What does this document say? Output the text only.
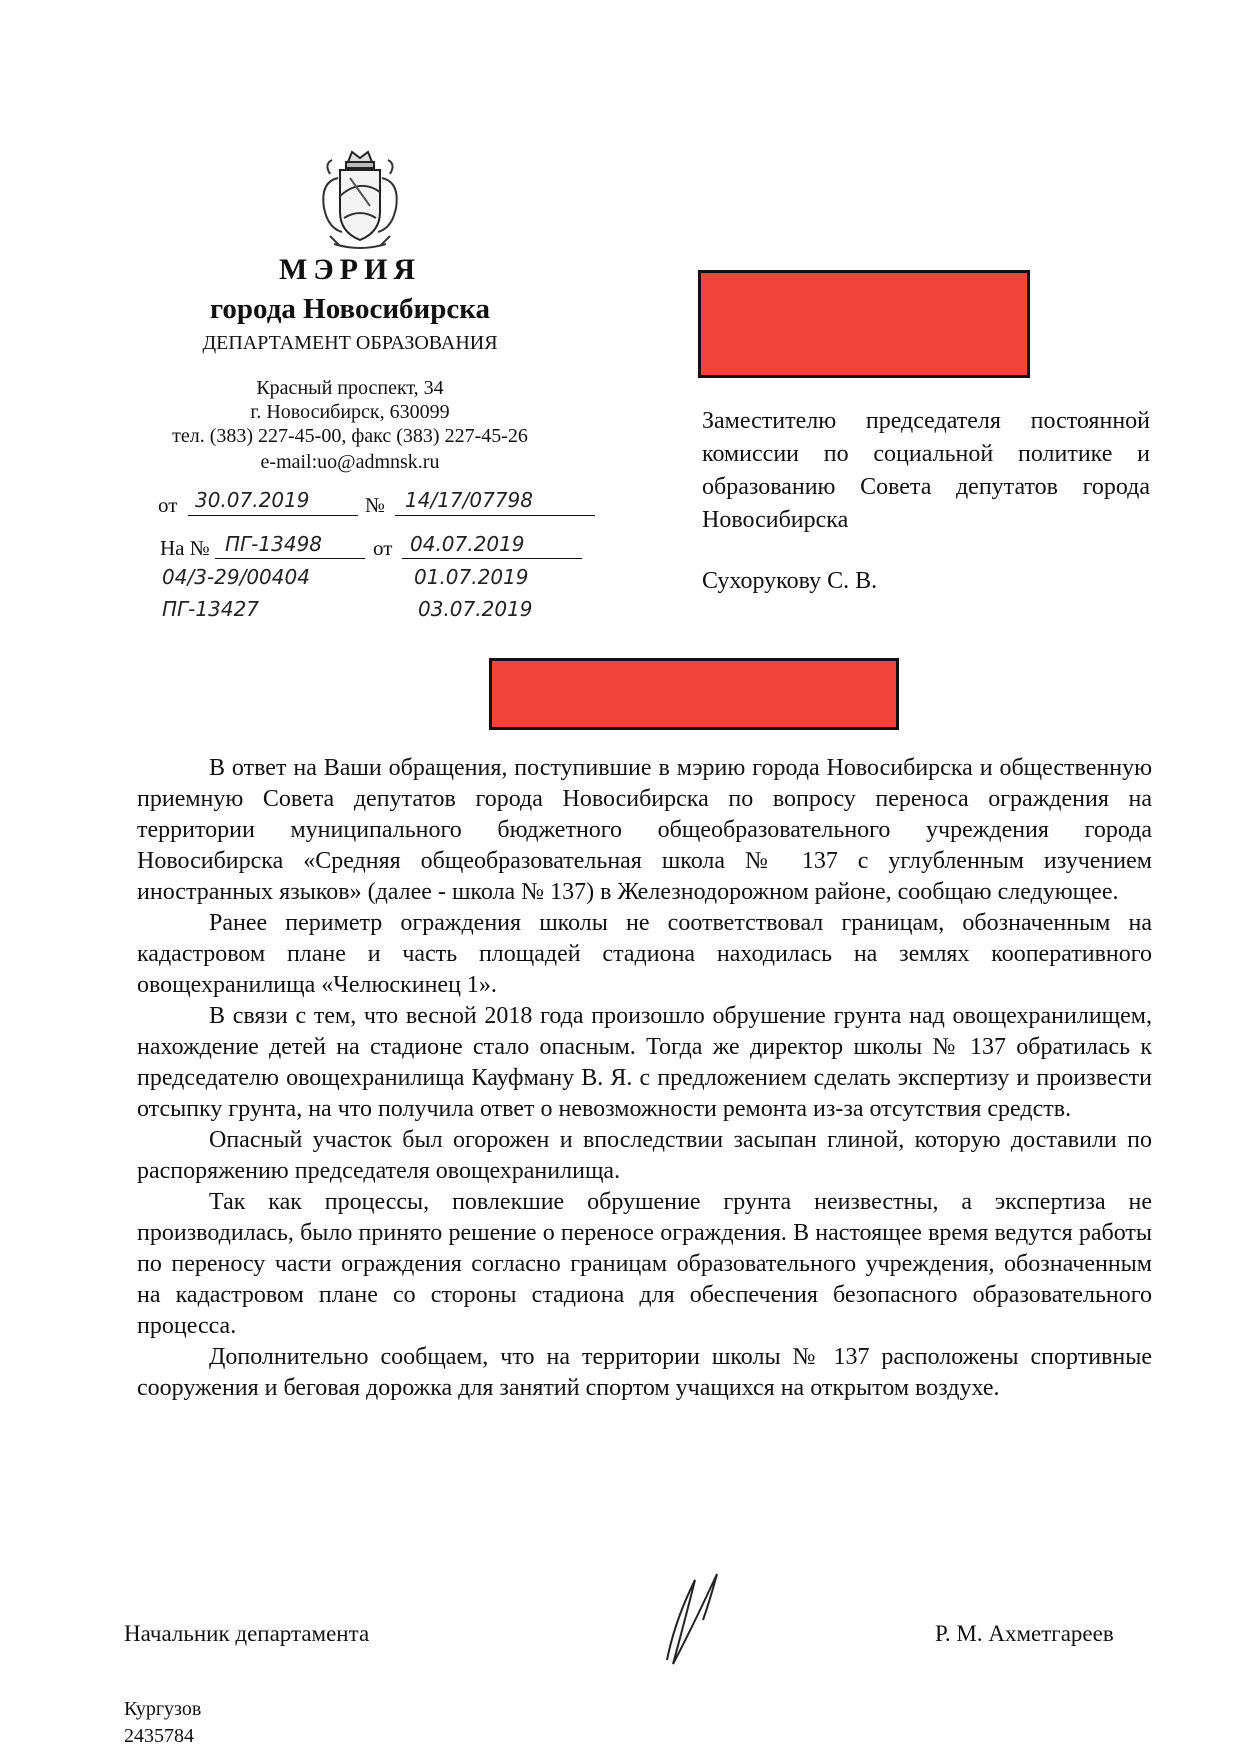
МЭРИЯ
города Новосибирска
ДЕПАРТАМЕНТ ОБРАЗОВАНИЯ
Красный проспект, 34
г. Новосибирск, 630099
тел. (383) 227-45-00, факс (383) 227-45-26
e-mail:uo@admnsk.ru
от 30.07.2019	№ 14/17/07798
На № ПГ-13498 от 04.07.2019
04/3-29/00404	01.07.2019
ПГ-13427	03.07.2019
Заместителю председателя постоянной комиссии по социальной политике и образованию Совета депутатов города Новосибирска
Сухорукову С. В.

В ответ на Ваши обращения, поступившие в мэрию города Новосибирска и общественную приемную Совета депутатов города Новосибирска по вопросу переноса ограждения на территории муниципального бюджетного общеобразовательного учреждения города Новосибирска «Средняя общеобразовательная школа № 137 с углубленным изучением иностранных языков» (далее - школа № 137) в Железнодорожном районе, сообщаю следующее.

Ранее периметр ограждения школы не соответствовал границам, обозначенным на кадастровом плане и часть площадей стадиона находилась на землях кооперативного овощехранилища «Челюскинец 1».

В связи с тем, что весной 2018 года произошло обрушение грунта над овощехранилищем, нахождение детей на стадионе стало опасным. Тогда же директор школы № 137 обратилась к председателю овощехранилища Кауфману В. Я. с предложением сделать экспертизу и произвести отсыпку грунта, на что получила ответ о невозможности ремонта из-за отсутствия средств.

Опасный участок был огорожен и впоследствии засыпан глиной, которую доставили по распоряжению председателя овощехранилища.

Так как процессы, повлекшие обрушение грунта неизвестны, а экспертиза не производилась, было принято решение о переносе ограждения. В настоящее время ведутся работы по переносу части ограждения согласно границам образовательного учреждения, обозначенным на кадастровом плане со стороны стадиона для обеспечения безопасного образовательного процесса.

Дополнительно сообщаем, что на территории школы № 137 расположены спортивные сооружения и беговая дорожка для занятий спортом учащихся на открытом воздухе.

Начальник департамента	Р. М. Ахметгареев
Кургузов
2435784
